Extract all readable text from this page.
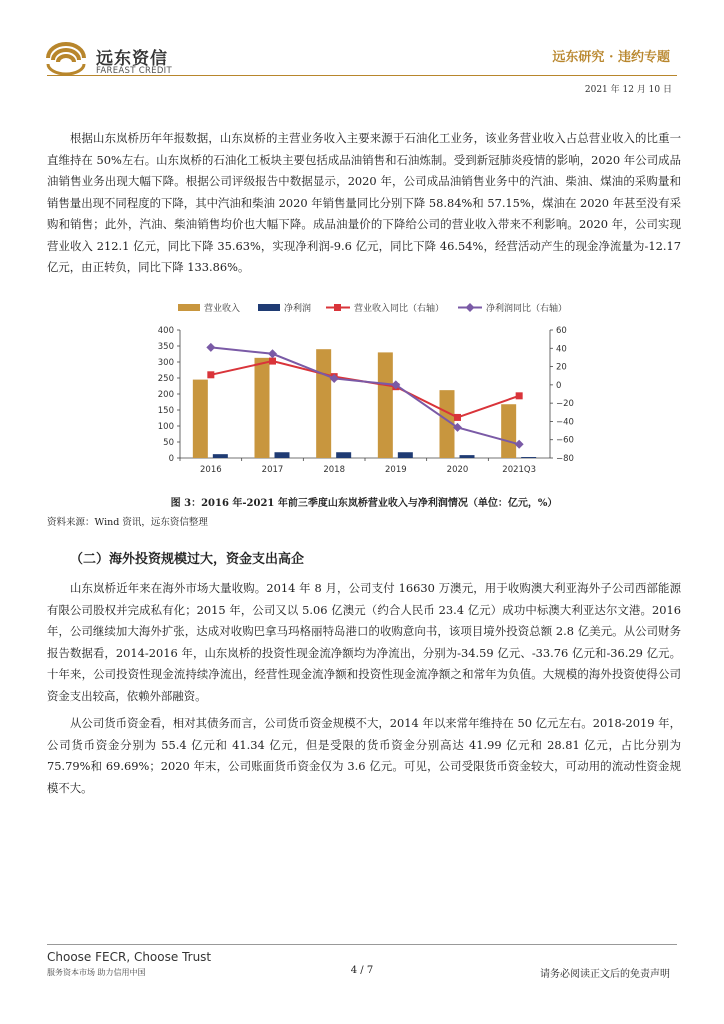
远东资信
FAREAST CREDIT
远东研究 · 违约专题
2021 年 12 月 10 日

根据山东岚桥历年年报数据，山东岚桥的主营业务收入主要来源于石油化工业务，该业务营业收入占总营业收入的比重一直维持在 50%左右。山东岚桥的石油化工板块主要包括成品油销售和石油炼制。受到新冠肺炎疫情的影响，2020 年公司成品油销售业务出现大幅下降。根据公司评级报告中数据显示，2020 年，公司成品油销售业务中的汽油、柴油、煤油的采购量和销售量出现不同程度的下降，其中汽油和柴油 2020 年销售量同比分别下降 58.84%和 57.15%，煤油在 2020 年甚至没有采购和销售；此外，汽油、柴油销售均价也大幅下降。成品油量价的下降给公司的营业收入带来不利影响。2020 年，公司实现营业收入 212.1 亿元，同比下降 35.63%，实现净利润-9.6 亿元，同比下降 46.54%，经营活动产生的现金净流量为-12.17 亿元，由正转负，同比下降 133.86%。

营业收入	净利润	营业收入同比（右轴）	净利润同比（右轴）
400
350
300
250
200
150
100
50
0
60
40
20
0
−20
−40
−60
−80
2016	2017	2018	2019	2020	2021Q3
图 3：2016 年-2021 年前三季度山东岚桥营业收入与净利润情况（单位：亿元，%）
资料来源：Wind 资讯，远东资信整理
（二）海外投资规模过大，资金支出高企

山东岚桥近年来在海外市场大量收购。2014 年 8 月，公司支付 16630 万澳元，用于收购澳大利亚海外子公司西部能源有限公司股权并完成私有化；2015 年，公司又以 5.06 亿澳元（约合人民币 23.4 亿元）成功中标澳大利亚达尔文港。2016 年，公司继续加大海外扩张，达成对收购巴拿马玛格丽特岛港口的收购意向书，该项目境外投资总额 2.8 亿美元。从公司财务报告数据看，2014-2016 年，山东岚桥的投资性现金流净额均为净流出，分别为-34.59 亿元、-33.76 亿元和-36.29 亿元。十年来，公司投资性现金流持续净流出，经营性现金流净额和投资性现金流净额之和常年为负值。大规模的海外投资使得公司资金支出较高，依赖外部融资。

从公司货币资金看，相对其债务而言，公司货币资金规模不大，2014 年以来常年维持在 50 亿元左右。2018-2019 年，公司货币资金分别为 55.4 亿元和 41.34 亿元，但是受限的货币资金分别高达 41.99 亿元和 28.81 亿元，占比分别为 75.79%和 69.69%；2020 年末，公司账面货币资金仅为 3.6 亿元。可见，公司受限货币资金较大，可动用的流动性资金规模不大。

Choose FECR, Choose Trust
服务资本市场 助力信用中国	4 / 7	请务必阅读正文后的免责声明
